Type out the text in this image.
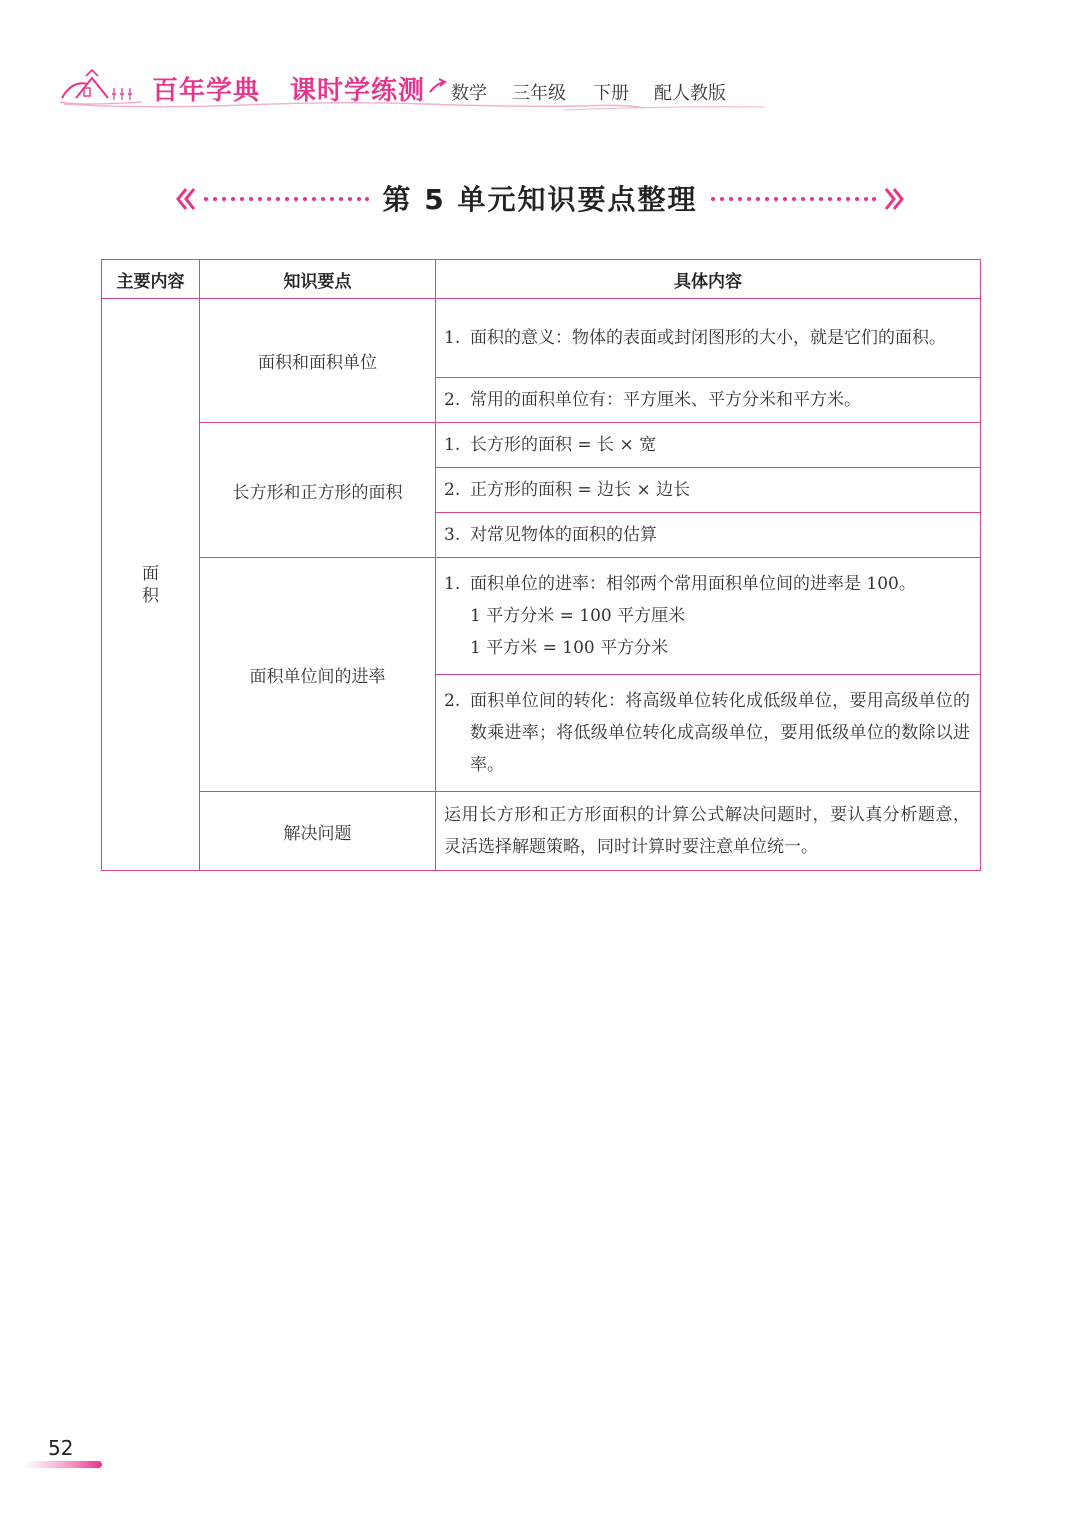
百年学典 课时学练测 数学 三年级 下册 配人教版
第 5 单元知识要点整理
主要内容	知识要点	具体内容
面积	面积和面积单位	1. 面积的意义：物体的表面或封闭图形的大小，就是它们的面积。

		2. 常用的面积单位有：平方厘米、平方分米和平方米。

	长方形和正方形的面积	1. 长方形的面积 = 长 × 宽

		2. 正方形的面积 = 边长 × 边长

		3. 对常见物体的面积的估算

	面积单位间的进率	1. 面积单位的进率：相邻两个常用面积单位间的进率是 100。
1 平方分米 = 100 平方厘米
1 平方米 = 100 平方分米

		2. 面积单位间的转化：将高级单位转化成低级单位，要用高级单位的数乘进率；将低级单位转化成高级单位，要用低级单位的数除以进率。

	解决问题	运用长方形和正方形面积的计算公式解决问题时，要认真分析题意，灵活选择解题策略，同时计算时要注意单位统一。
52
